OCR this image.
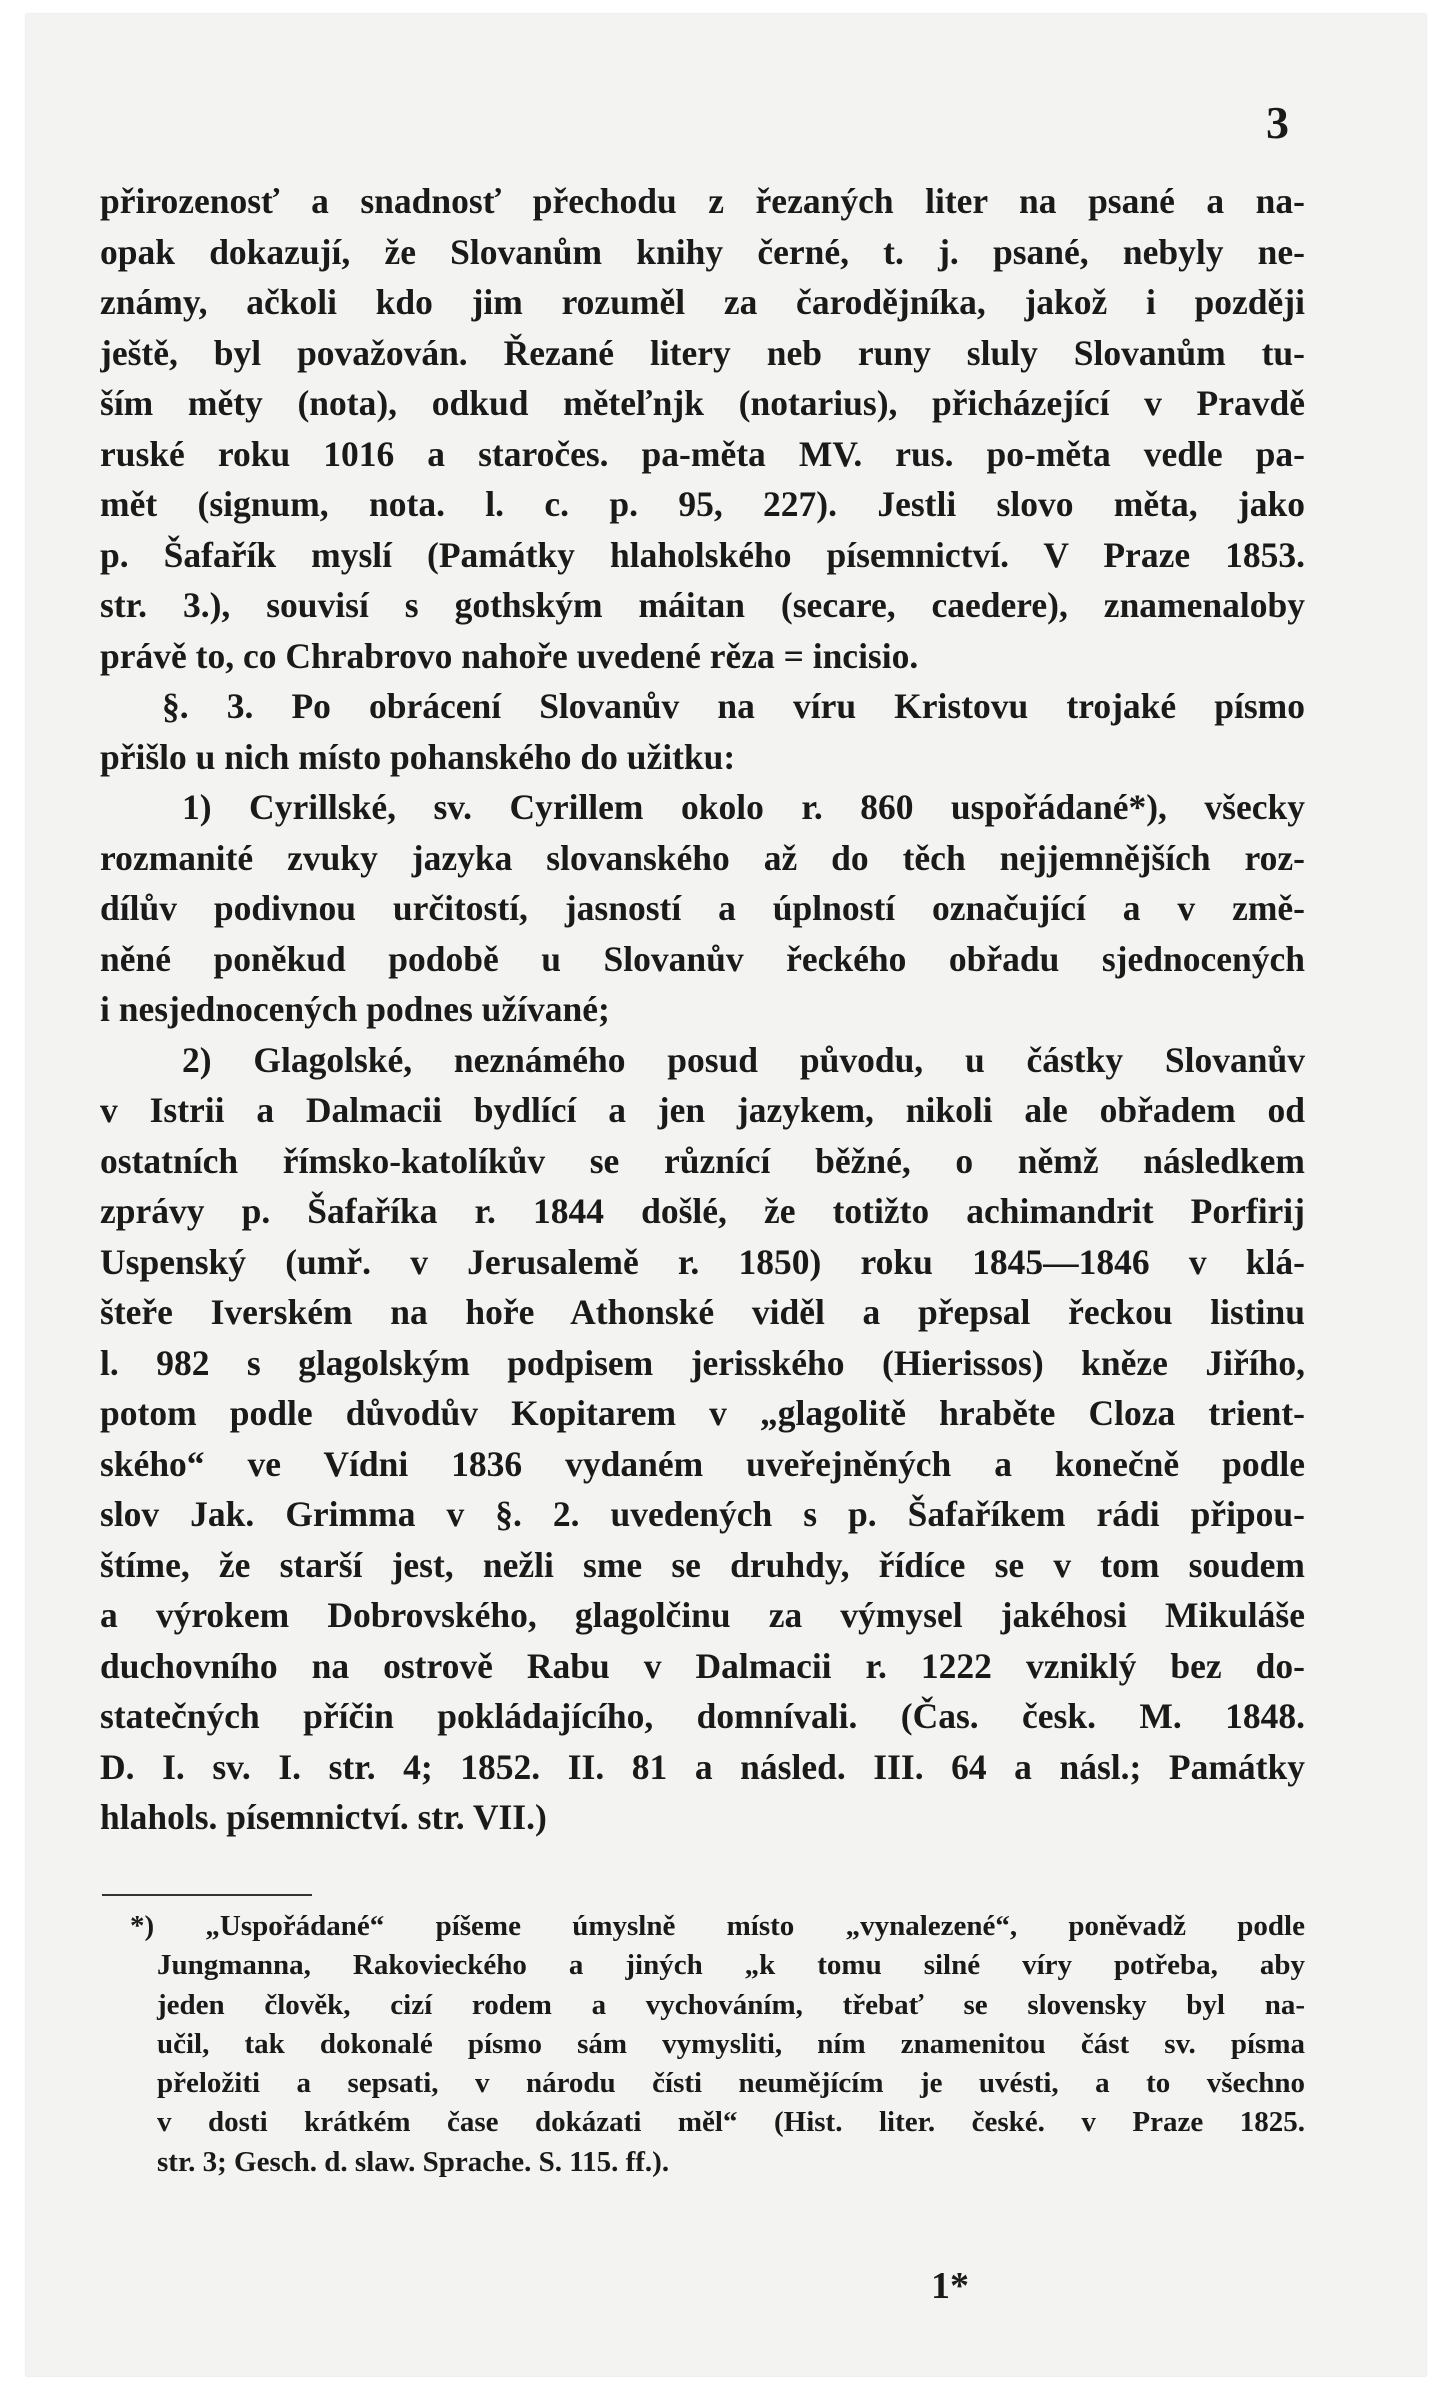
3

přirozenosť a snadnosť přechodu z řezaných liter na psané a na-
opak dokazují, že Slovanům knihy černé, t. j. psané, nebyly ne-
známy, ačkoli kdo jim rozuměl za čarodějníka, jakož i později
ještě, byl považován. Řezané litery neb runy sluly Slovanům tu-
ším měty (nota), odkud měteľnjk (notarius), přicházející v Pravdě
ruské roku 1016 a staročes. pa-měta MV. rus. po-měta vedle pa-
mět (signum, nota. l. c. p. 95, 227). Jestli slovo měta, jako
p. Šafařík myslí (Památky hlaholského písemnictví. V Praze 1853.
str. 3.), souvisí s gothským máitan (secare, caedere), znamenaloby
právě to, co Chrabrovo nahoře uvedené rěza = incisio.
§. 3. Po obrácení Slovanův na víru Kristovu trojaké písmo
přišlo u nich místo pohanského do užitku:
1) Cyrillské, sv. Cyrillem okolo r. 860 uspořádané*), všecky
rozmanité zvuky jazyka slovanského až do těch nejjemnějších roz-
dílův podivnou určitostí, jasností a úplností označující a v změ-
něné poněkud podobě u Slovanův řeckého obřadu sjednocených
i nesjednocených podnes užívané;
2) Glagolské, neznámého posud původu, u částky Slovanův
v Istrii a Dalmacii bydlící a jen jazykem, nikoli ale obřadem od
ostatních římsko-katolíkův se různící běžné, o němž následkem
zprávy p. Šafaříka r. 1844 došlé, že totižto achimandrit Porfirij
Uspenský (umř. v Jerusalemě r. 1850) roku 1845—1846 v klá-
šteře Iverském na hoře Athonské viděl a přepsal řeckou listinu
l. 982 s glagolským podpisem jerisského (Hierissos) kněze Jiřího,
potom podle důvodův Kopitarem v „glagolitě hraběte Cloza trient-
ského“ ve Vídni 1836 vydaném uveřejněných a konečně podle
slov Jak. Grimma v §. 2. uvedených s p. Šafaříkem rádi připou-
štíme, že starší jest, nežli sme se druhdy, řídíce se v tom soudem
a výrokem Dobrovského, glagolčinu za výmysel jakéhosi Mikuláše
duchovního na ostrově Rabu v Dalmacii r. 1222 vzniklý bez do-
statečných příčin pokládajícího, domnívali. (Čas. česk. M. 1848.
D. I. sv. I. str. 4; 1852. II. 81 a násled. III. 64 a násl.; Památky
hlahols. písemnictví. str. VII.)
*) „Uspořádané“ píšeme úmyslně místo „vynalezené“, poněvadž podle
Jungmanna, Rakovieckého a jiných „k tomu silné víry potřeba, aby
jeden člověk, cizí rodem a vychováním, třebať se slovensky byl na-
učil, tak dokonalé písmo sám vymysliti, ním znamenitou část sv. písma
přeložiti a sepsati, v národu čísti neumějícím je uvésti, a to všechno
v dosti krátkém čase dokázati měl“ (Hist. liter. české. v Praze 1825.
str. 3; Gesch. d. slaw. Sprache. S. 115. ff.).

1*
